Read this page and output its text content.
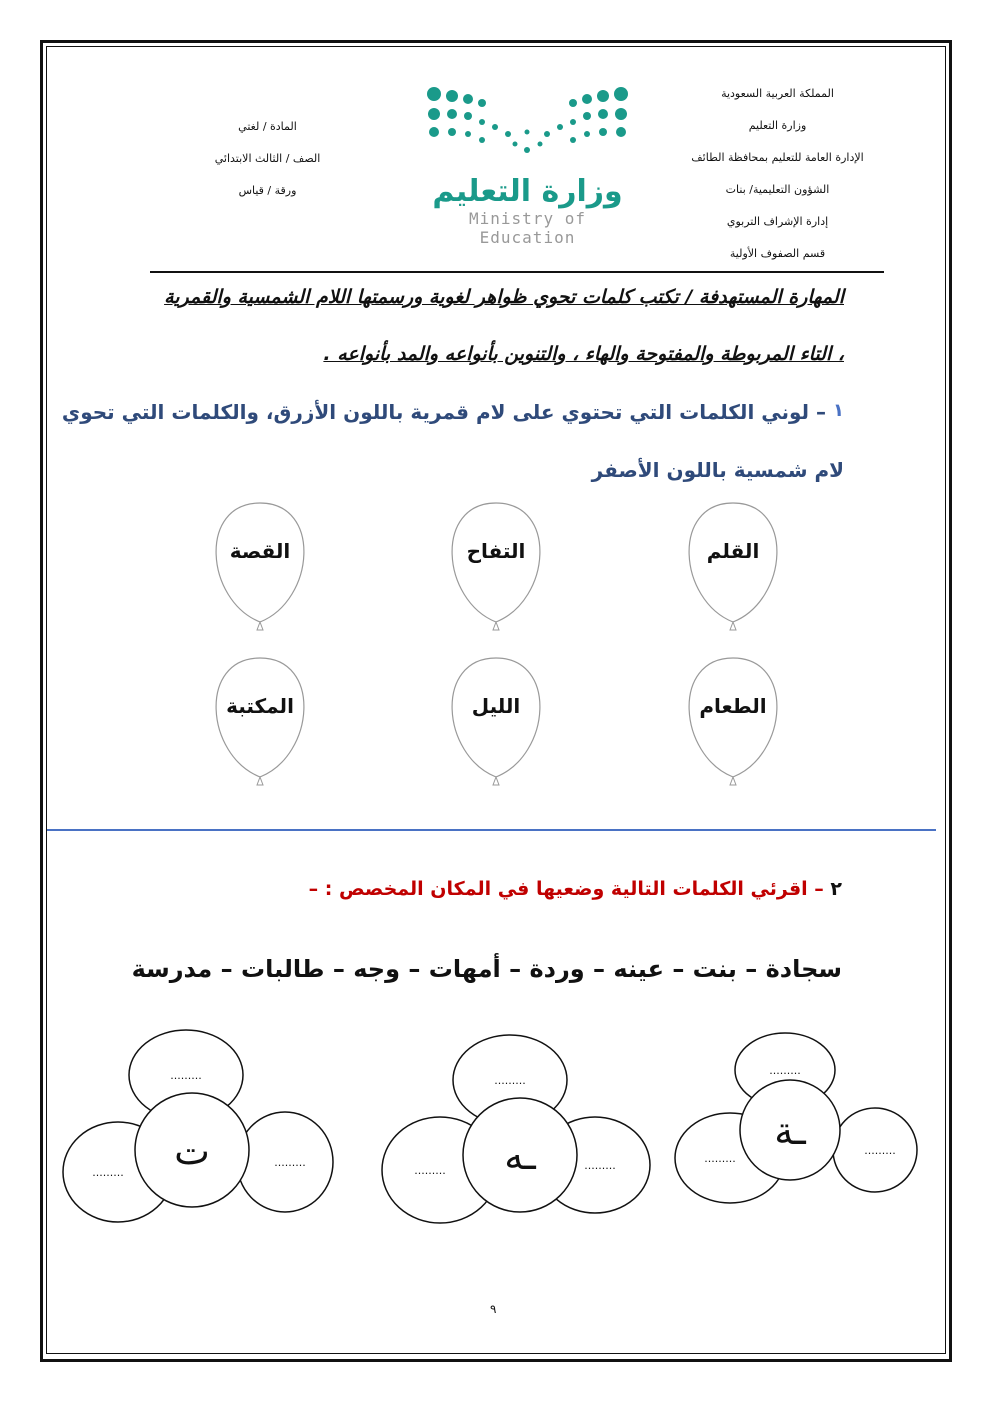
المملكة العربية السعودية
وزارة التعليم
الإدارة العامة للتعليم بمحافظة الطائف
الشؤون التعليمية/ بنات
إدارة الإشراف التربوي
قسم الصفوف الأولية
المادة / لغتي
الصف / الثالث الابتدائي
ورقة / قياس	وزارة التعليم
Ministry of Education
المهارة المستهدفة / تكتب كلمات تحوي ظواهر لغوية ورسمتها اللام الشمسية والقمرية
، التاء المربوطة والمفتوحة والهاء ، والتنوين بأنواعه والمد بأنواعه .
١ – لوني الكلمات التي تحتوي على لام قمرية باللون الأزرق، والكلمات التي تحوي
لام شمسية باللون الأصفر
القلم
التفاح
القصة
الطعام
الليل
المكتبة
٢ – اقرئي الكلمات التالية وضعيها في المكان المخصص : –
سجادة – بنت – عينه – وردة – أمهات – وجه – طالبات – مدرسة
.........
.........
.........
ـة
.........
.........	.........
ـه
.........
.........
.........
ت
٩
